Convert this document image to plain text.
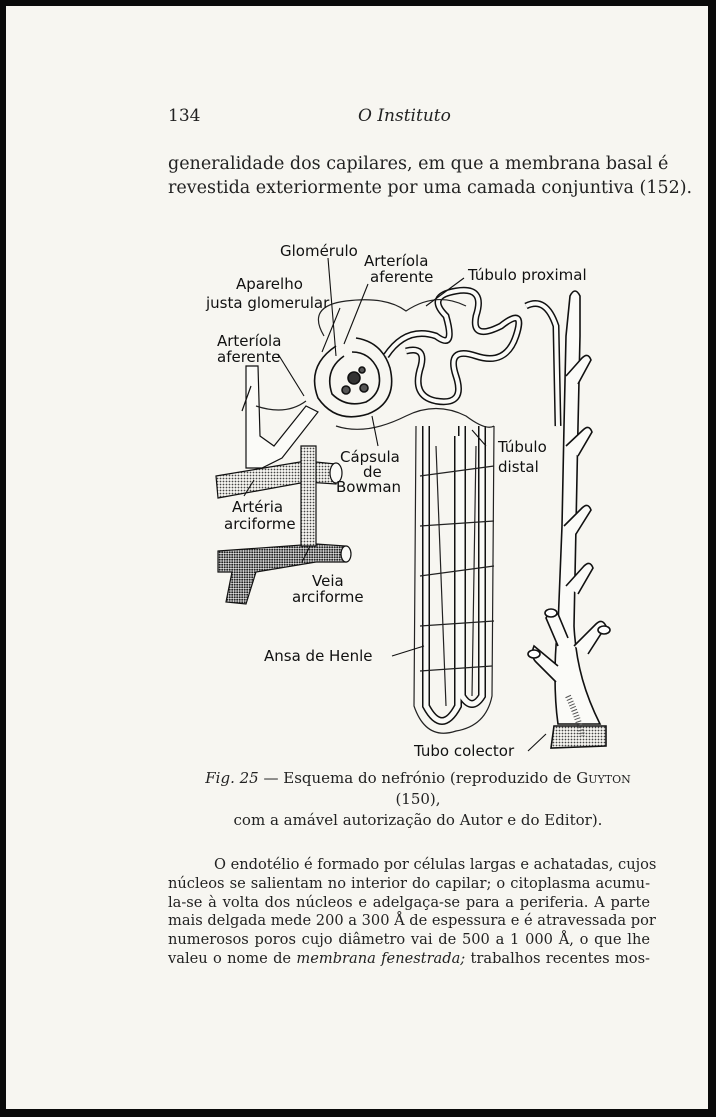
134	O Instituto
generalidade dos capilares, em que a membrana basal é
revestida exteriormente por uma camada conjuntiva (152).
Glomérulo
Arteríola
aferente Túbulo proximal
Aparelho
justa glomerular
Arteríola
aferente
Cápsula
de
Bowman
Túbulo
distal
Artéria
arciforme
Veia
arciforme
Ansa de Henle
Tubo colector
Fig. 25 — Esquema do nefrónio (reproduzido de Guyton (150),
com a amável autorização do Autor e do Editor).
O endotélio é formado por células largas e achatadas, cujos
núcleos se salientam no interior do capilar; o citoplasma acumu-
la-se à volta dos núcleos e adelgaça-se para a periferia. A parte
mais delgada mede 200 a 300 Å de espessura e é atravessada por
numerosos poros cujo diâmetro vai de 500 a 1 000 Å, o que lhe
valeu o nome de membrana fenestrada; trabalhos recentes mos-
